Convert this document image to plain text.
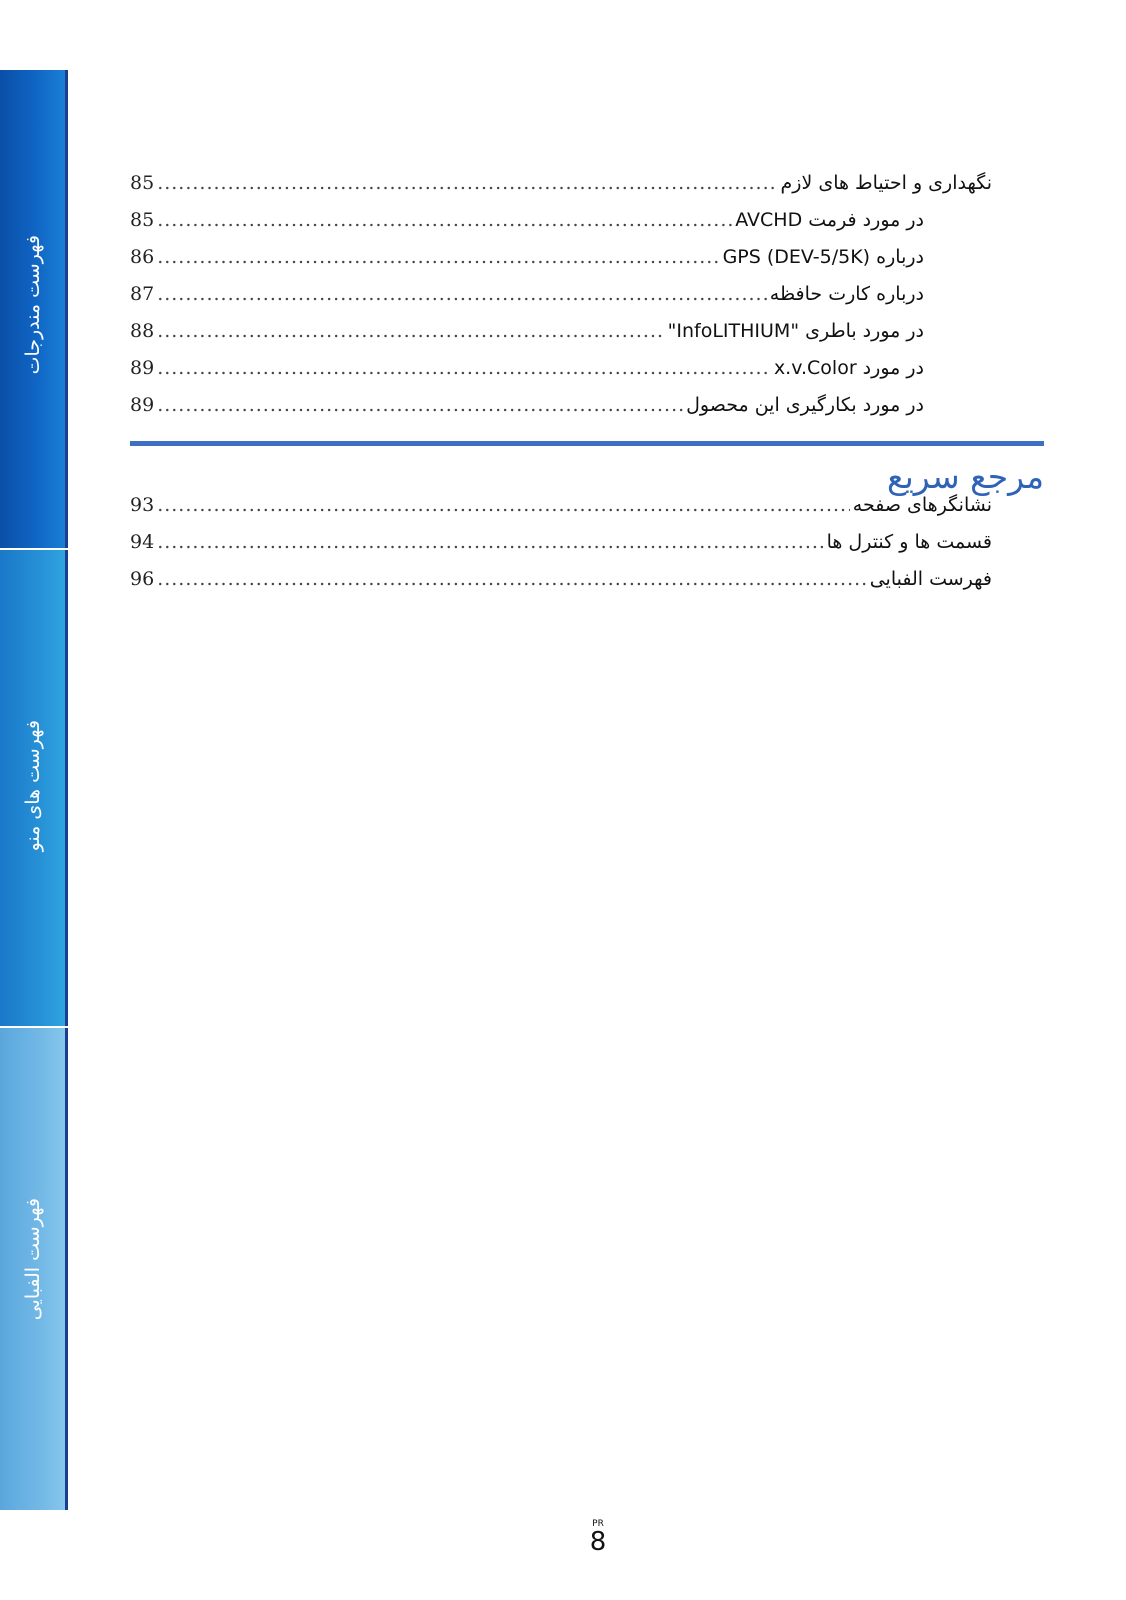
فهرست مندرجات
فهرست های منو
فهرست الفبایی
85 .....	نگهداری و احتیاط های لازم
85 .....	در مورد فرمت AVCHD
86 .....	درباره GPS (DEV-5/5K)
87 .....	درباره کارت حافظه
88 .....	در مورد باطری "InfoLITHIUM"
89 .....	در مورد x.v.Color
89 .....	در مورد بکارگیری این محصول
مرجع سریع
93 .....	نشانگرهای صفحه
94 .....	قسمت ها و کنترل ها
96 .....	فهرست الفبایی
PR
8
